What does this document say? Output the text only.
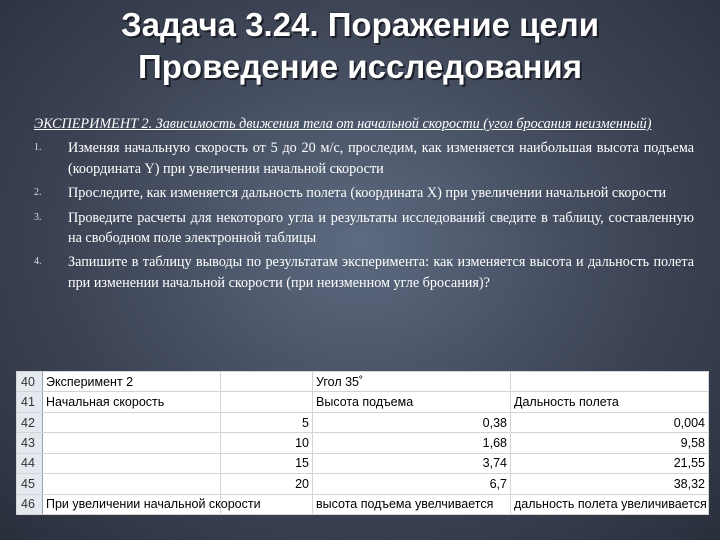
Задача 3.24. Поражение цели
Проведение исследования

ЭКСПЕРИМЕНТ 2. Зависимость движения тела от начальной скорости (угол бросания неизменный)

1. Изменяя начальную скорость от 5 до 20 м/с, проследим, как изменяется наибольшая высота подъема (координата Y) при увеличении начальной скорости
2. Проследите, как изменяется дальность полета (координата X) при увеличении начальной скорости
3. Проведите расчеты для некоторого угла и результаты исследований сведите в таблицу, составленную на свободном поле электронной таблицы
4. Запишите в таблицу выводы по результатам эксперимента: как изменяется высота и дальность полета при изменении начальной скорости (при неизменном угле бросания)?
40	Эксперимент 2		Угол 35˚	
41	Начальная скорость		Высота подъема	Дальность полета
42		5	0,38	0,004
43		10	1,68	9,58
44		15	3,74	21,55
45		20	6,7	38,32
46	При увеличении начальной скорости		высота подъема увелчивается	дальность полета увеличивается
